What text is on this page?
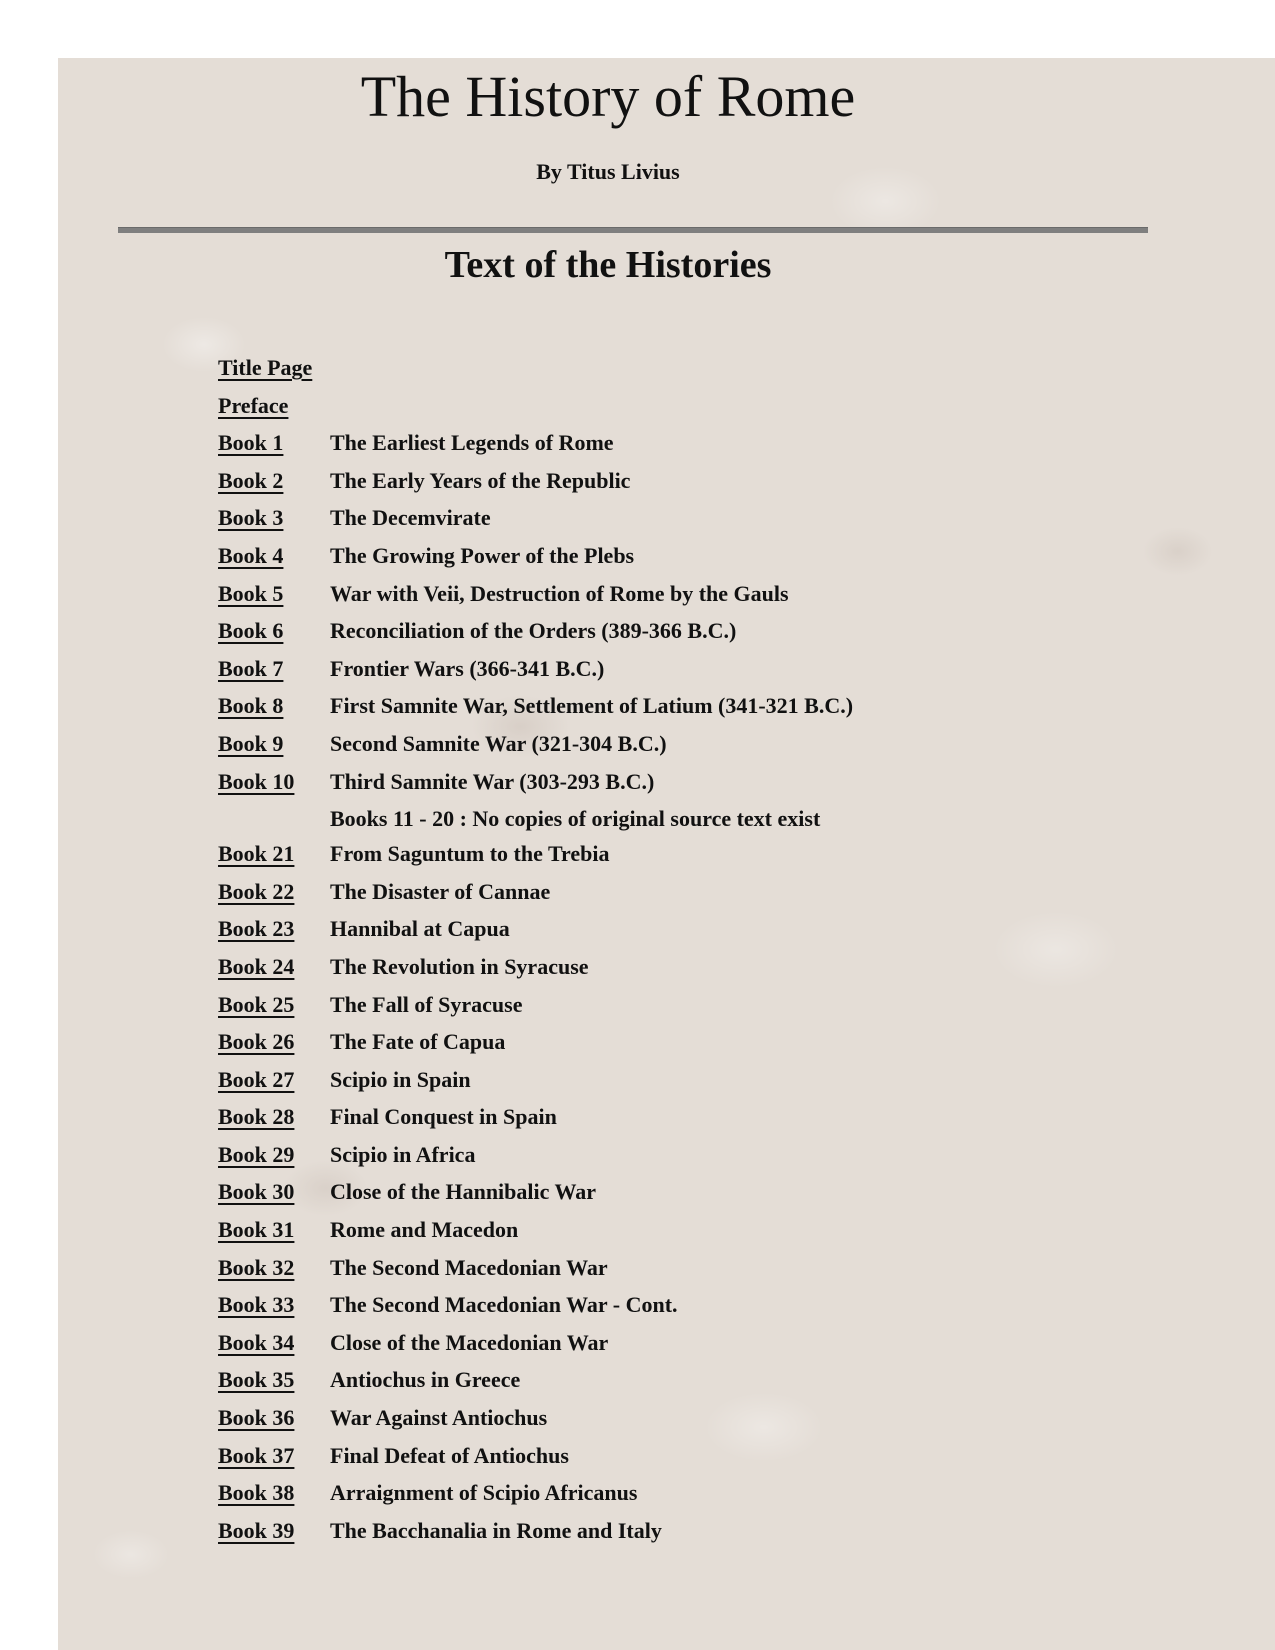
The History of Rome
By Titus Livius
Text of the Histories
Title Page
Preface
Book 1	The Earliest Legends of Rome
Book 2	The Early Years of the Republic
Book 3	The Decemvirate
Book 4	The Growing Power of the Plebs
Book 5	War with Veii, Destruction of Rome by the Gauls
Book 6	Reconciliation of the Orders (389-366 B.C.)
Book 7	Frontier Wars (366-341 B.C.)
Book 8	First Samnite War, Settlement of Latium (341-321 B.C.)
Book 9	Second Samnite War (321-304 B.C.)
Book 10	Third Samnite War (303-293 B.C.)
Books 11 - 20 : No copies of original source text exist
Book 21	From Saguntum to the Trebia
Book 22	The Disaster of Cannae
Book 23	Hannibal at Capua
Book 24	The Revolution in Syracuse
Book 25	The Fall of Syracuse
Book 26	The Fate of Capua
Book 27	Scipio in Spain
Book 28	Final Conquest in Spain
Book 29	Scipio in Africa
Book 30	Close of the Hannibalic War
Book 31	Rome and Macedon
Book 32	The Second Macedonian War
Book 33	The Second Macedonian War - Cont.
Book 34	Close of the Macedonian War
Book 35	Antiochus in Greece
Book 36	War Against Antiochus
Book 37	Final Defeat of Antiochus
Book 38	Arraignment of Scipio Africanus
Book 39	The Bacchanalia in Rome and Italy
